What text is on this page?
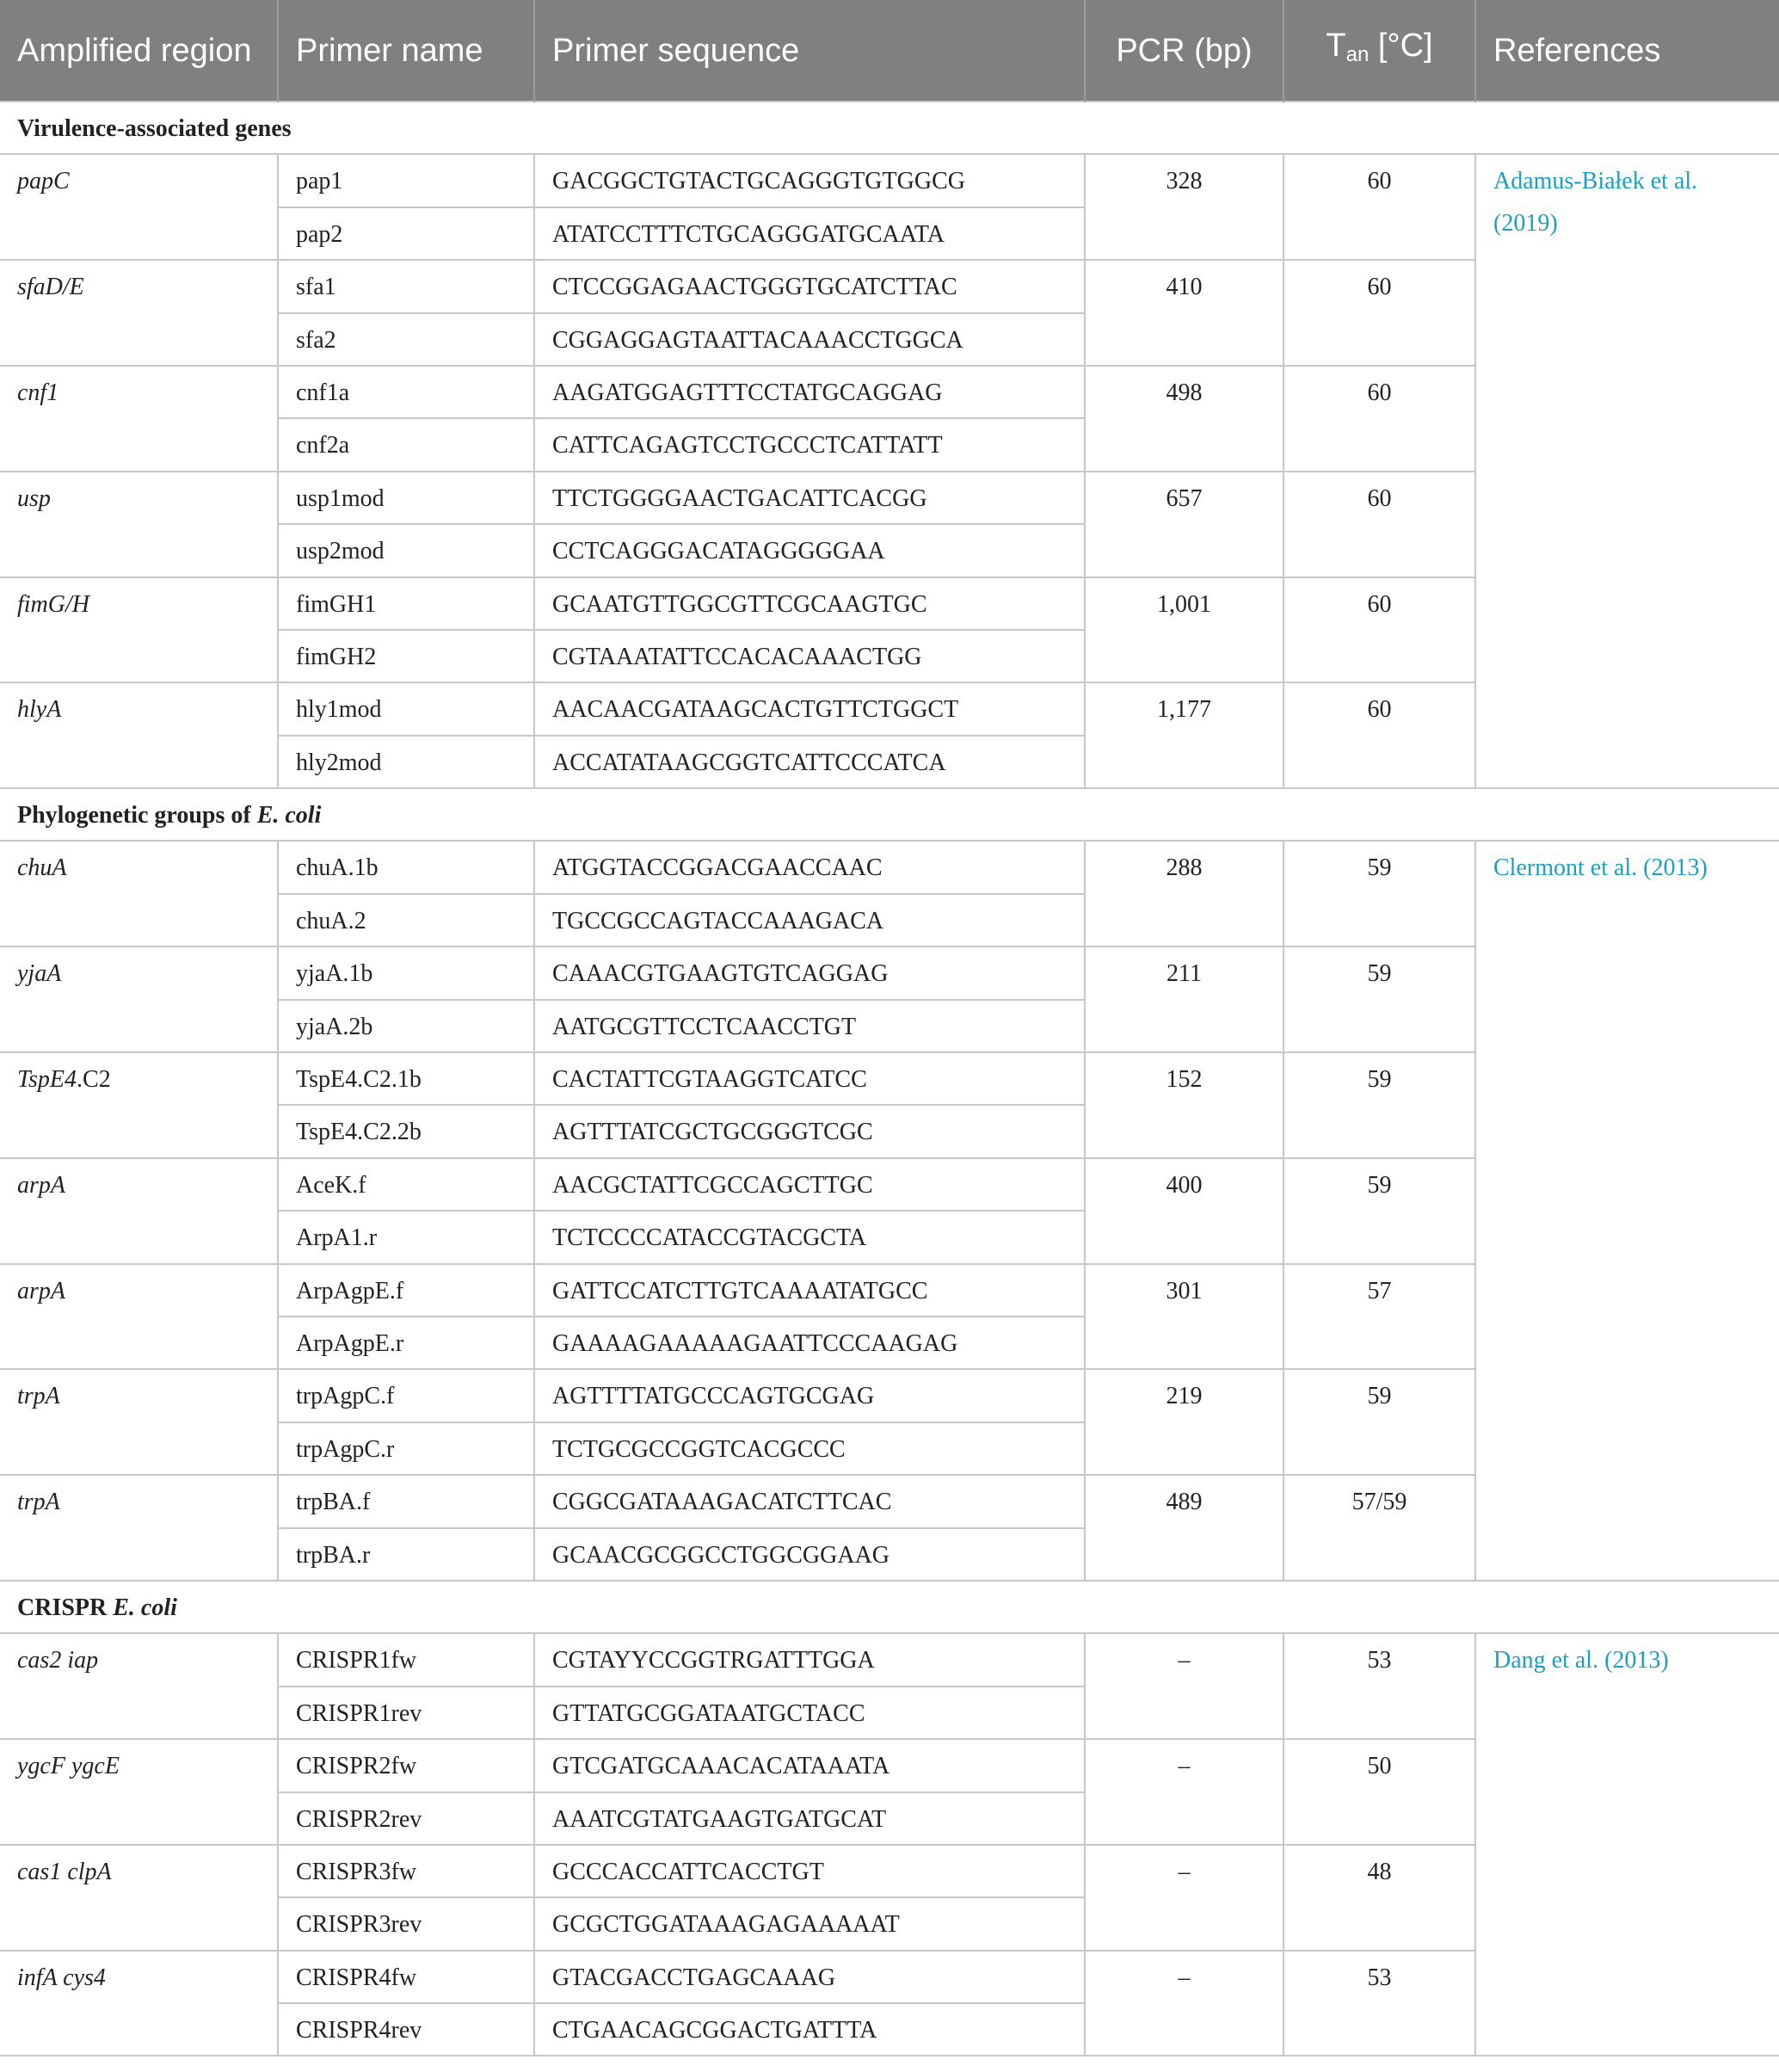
Amplified region	Primer name	Primer sequence	PCR (bp)	$T_{an}$ [°C]	References
Virulence-associated genes					
papC	pap1	GACGGCTGTACTGCAGGGTGTGGCG	328	60	Adamus-Białek et al. (2019)
	pap2	ATATCCTTTCTGCAGGGATGCAATA			
sfaD/E	sfa1	CTCCGGAGAACTGGGTGCATCTTAC	410	60	
	sfa2	CGGAGGAGTAATTACAAACCTGGCA			
cnf1	cnf1a	AAGATGGAGTTTCCTATGCAGGAG	498	60	
	cnf2a	CATTCAGAGTCCTGCCCTCATTATT			
usp	usp1mod	TTCTGGGGAACTGACATTCACGG	657	60	
	usp2mod	CCTCAGGGACATAGGGGGAA			
fimG/H	fimGH1	GCAATGTTGGCGTTCGCAAGTGC	1,001	60	
	fimGH2	CGTAAATATTCCACACAAACTGG			
hlyA	hly1mod	AACAACGATAAGCACTGTTCTGGCT	1,177	60	
	hly2mod	ACCATATAAGCGGTCATTCCCATCA			
Phylogenetic groups of E. coli					
chuA	chuA.1b	ATGGTACCGGACGAACCAAC	288	59	Clermont et al. (2013)
	chuA.2	TGCCGCCAGTACCAAAGACA			
yjaA	yjaA.1b	CAAACGTGAAGTGTCAGGAG	211	59	
	yjaA.2b	AATGCGTTCCTCAACCTGT			
TspE4.C2	TspE4.C2.1b	CACTATTCGTAAGGTCATCC	152	59	
	TspE4.C2.2b	AGTTTATCGCTGCGGGTCGC			
arpA	AceK.f	AACGCTATTCGCCAGCTTGC	400	59	
	ArpA1.r	TCTCCCCATACCGTACGCTA			
arpA	ArpAgpE.f	GATTCCATCTTGTCAAAATATGCC	301	57	
	ArpAgpE.r	GAAAAGAAAAAGAATTCCCAAGAG			
trpA	trpAgpC.f	AGTTTTATGCCCAGTGCGAG	219	59	
	trpAgpC.r	TCTGCGCCGGTCACGCCC			
trpA	trpBA.f	CGGCGATAAAGACATCTTCAC	489	57/59	
	trpBA.r	GCAACGCGGCCTGGCGGAAG			
CRISPR E. coli					
cas2 iap	CRISPR1fw	CGTAYYCCGGTRGATTTGGA	–	53	Dang et al. (2013)
	CRISPR1rev	GTTATGCGGATAATGCTACC			
ygcF ygcE	CRISPR2fw	GTCGATGCAAACACATAAATA	–	50	
	CRISPR2rev	AAATCGTATGAAGTGATGCAT			
cas1 clpA	CRISPR3fw	GCCCACCATTCACCTGT	–	48	
	CRISPR3rev	GCGCTGGATAAAGAGAAAAAT			
infA cys4	CRISPR4fw	GTACGACCTGAGCAAAG	–	53	
	CRISPR4rev	CTGAACAGCGGACTGATTTA			
